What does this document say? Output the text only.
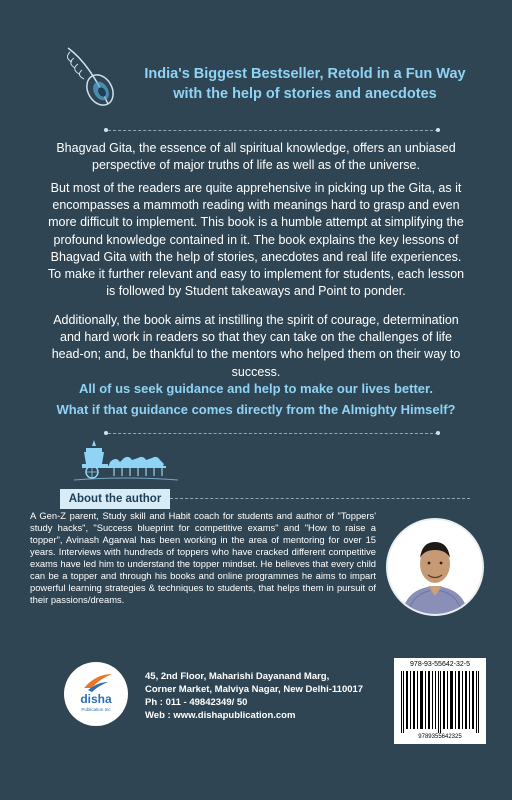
India's Biggest Bestseller, Retold in a Fun Way
with the help of stories and anecdotes
Bhagvad Gita, the essence of all spiritual knowledge, offers an unbiased perspective of major truths of life as well as of the universe.
But most of the readers are quite apprehensive in picking up the Gita, as it encompasses a mammoth reading with meanings hard to grasp and even more difficult to implement. This book is a humble attempt at simplifying the profound knowledge contained in it. The book explains the key lessons of Bhagvad Gita with the help of stories, anecdotes and real life experiences. To make it further relevant and easy to implement for students, each lesson is followed by Student takeaways and Point to ponder.
Additionally, the book aims at instilling the spirit of courage, determination and hard work in readers so that they can take on the challenges of life head-on; and, be thankful to the mentors who helped them on their way to success.
All of us seek guidance and help to make our lives better.
What if that guidance comes directly from the Almighty Himself?
About the author
A Gen-Z parent, Study skill and Habit coach for students and author of "Toppers' study hacks", "Success blueprint for competitive exams" and "How to raise a topper", Avinash Agarwal has been working in the area of mentoring for over 15 years. Interviews with hundreds of toppers who have cracked different competitive exams have led him to understand the topper mindset. He believes that every child can be a topper and through his books and online programmes he aims to impart powerful learning strategies & techniques to students, that helps them in pursuit of their passions/dreams.
disha
Publication Inc
45, 2nd Floor, Maharishi Dayanand Marg,
Corner Market, Malviya Nagar, New Delhi-110017
Ph : 011 - 49842349/ 50
Web : www.dishapublication.com
978-93-55642-32-5
9789355642325
